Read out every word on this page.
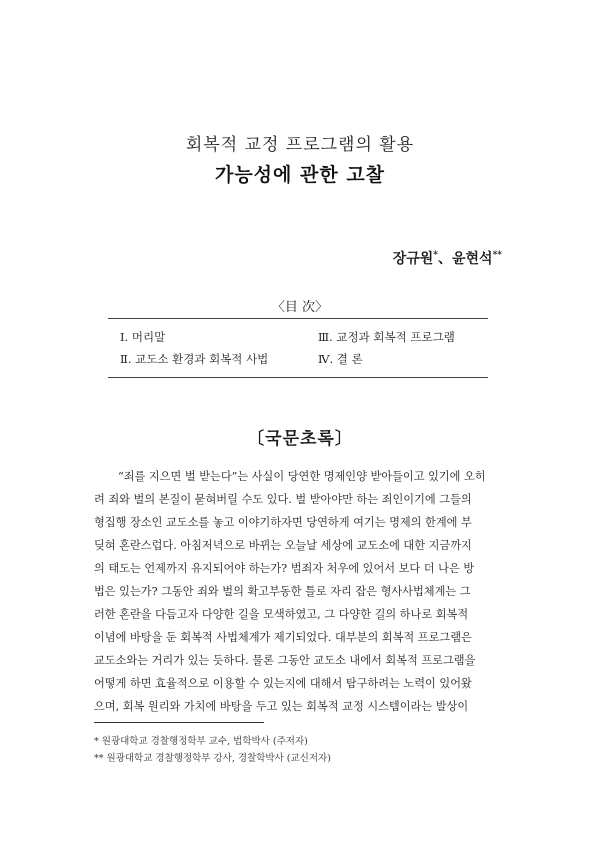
회복적 교정 프로그램의 활용
가능성에 관한 고찰
장규원*、윤현석**
〈目 次〉
Ⅰ. 머리말
Ⅱ. 교도소 환경과 회복적 사법
Ⅲ. 교정과 회복적 프로그램
Ⅳ. 결 론
〔국문초록〕
“죄를 지으면 벌 받는다”는 사실이 당연한 명제인양 받아들이고 있기에 오히
려 죄와 벌의 본질이 묻혀버릴 수도 있다. 벌 받아야만 하는 죄인이기에 그들의
형집행 장소인 교도소를 놓고 이야기하자면 당연하게 여기는 명제의 한계에 부
딪혀 혼란스럽다. 아침저녁으로 바뀌는 오늘날 세상에 교도소에 대한 지금까지
의 태도는 언제까지 유지되어야 하는가? 범죄자 처우에 있어서 보다 더 나은 방
법은 있는가? 그동안 죄와 벌의 확고부동한 틀로 자리 잡은 형사사법체계는 그
러한 혼란을 다듬고자 다양한 길을 모색하였고, 그 다양한 길의 하나로 회복적
이념에 바탕을 둔 회복적 사법체계가 제기되었다. 대부분의 회복적 프로그램은
교도소와는 거리가 있는 듯하다. 물론 그동안 교도소 내에서 회복적 프로그램을
어떻게 하면 효율적으로 이용할 수 있는지에 대해서 탐구하려는 노력이 있어왔
으며, 회복 원리와 가치에 바탕을 두고 있는 회복적 교정 시스템이라는 발상이
* 원광대학교 경찰행정학부 교수, 법학박사 (주저자)
** 원광대학교 경찰행정학부 강사, 경찰학박사 (교신저자)
